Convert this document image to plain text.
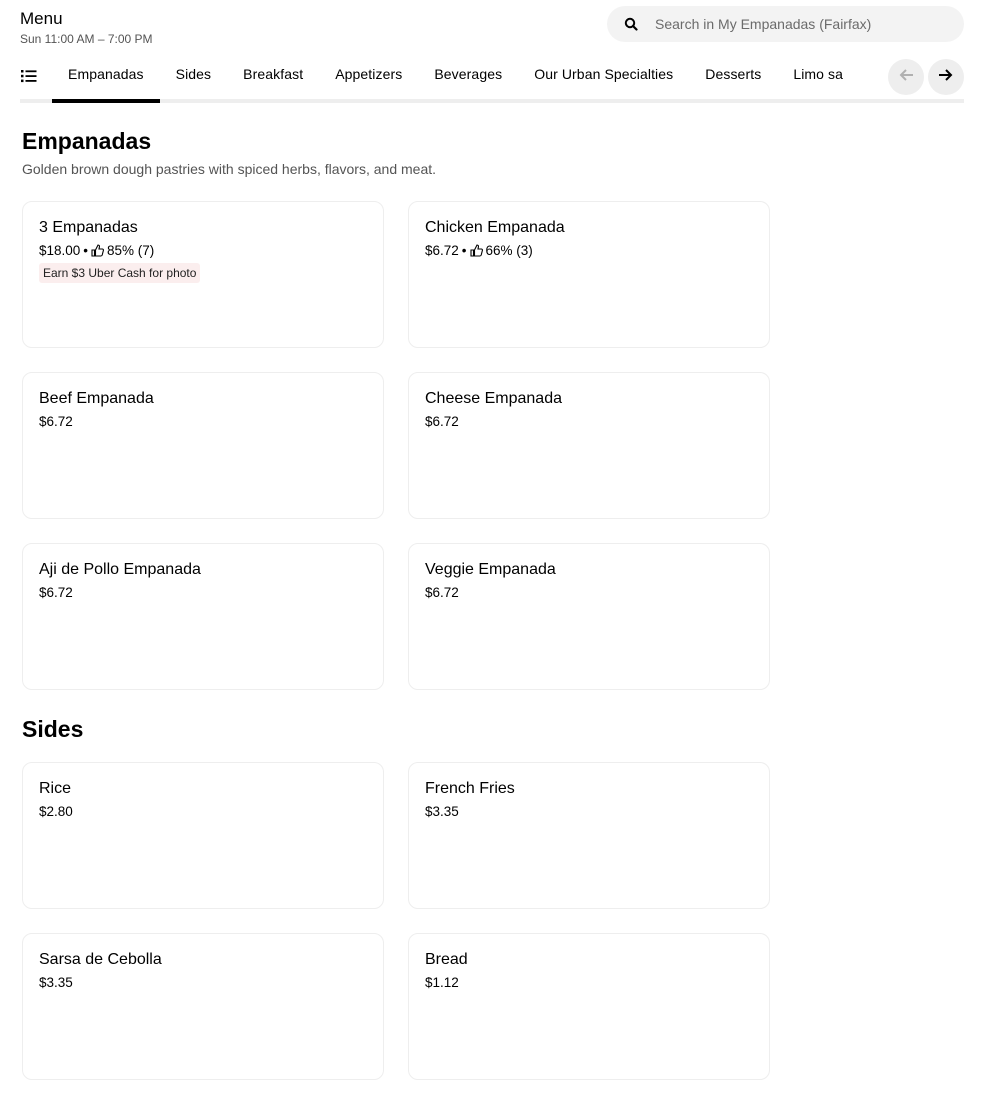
Menu
Sun 11:00 AM – 7:00 PM
Search in My Empanadas (Fairfax)
Empanadas Sides Breakfast Appetizers Beverages Our Urban Specialties Desserts Limo sa
Empanadas
Golden brown dough pastries with spiced herbs, flavors, and meat.
3 Empanadas
$18.00 • 85% (7)
Earn $3 Uber Cash for photo
Chicken Empanada
$6.72 • 66% (3)
Beef Empanada
$6.72
Cheese Empanada
$6.72
Aji de Pollo Empanada
$6.72
Veggie Empanada
$6.72
Sides
Rice
$2.80
French Fries
$3.35
Sarsa de Cebolla
$3.35
Bread
$1.12
